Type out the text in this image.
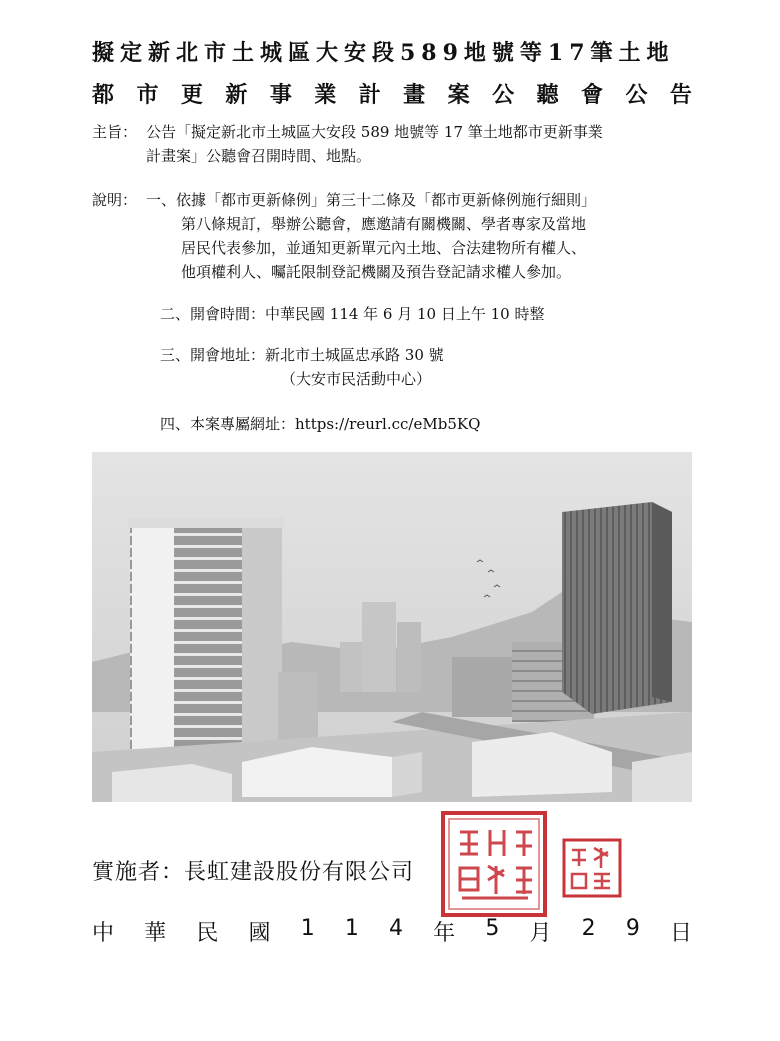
擬定新北市土城區大安段589地號等17筆土地
都 市 更 新 事 業 計 畫 案 公 聽 會 公 告
主旨： 公告「擬定新北市土城區大安段 589 地號等 17 筆土地都市更新事業
計畫案」公聽會召開時間、地點。
說明： 一、依據「都市更新條例」第三十二條及「都市更新條例施行細則」
第八條規訂，舉辦公聽會，應邀請有關機關、學者專家及當地
居民代表參加，並通知更新單元內土地、合法建物所有權人、
他項權利人、囑託限制登記機關及預告登記請求權人參加。
二、開會時間：中華民國 114 年 6 月 10 日上午 10 時整
三、開會地址：新北市土城區忠承路 30 號
（大安市民活動中心）
四、本案專屬網址：https://reurl.cc/eMb5KQ
實施者：長虹建設股份有限公司
中 華 民 國 1 1 4 年 5 月 2 9 日
